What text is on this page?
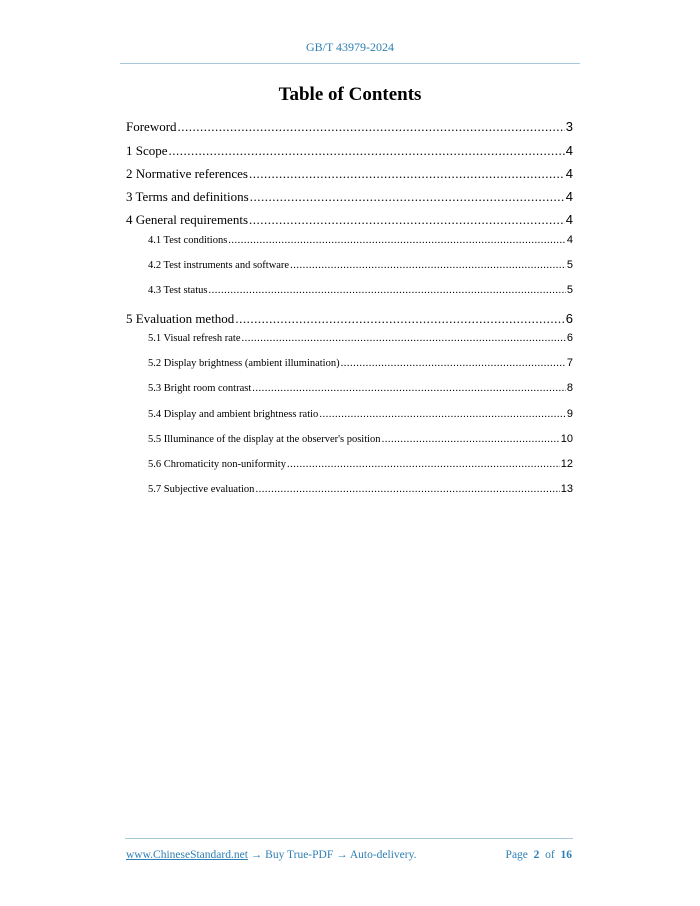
GB/T 43979-2024
Table of Contents
Foreword .....	3
1 Scope .....	4
2 Normative references .....	4
3 Terms and definitions .....	4
4 General requirements .....	4
4.1 Test conditions .....	4
4.2 Test instruments and software .....	5
4.3 Test status .....	5
5 Evaluation method .....	6
5.1 Visual refresh rate .....	6
5.2 Display brightness (ambient illumination) .....	7
5.3 Bright room contrast .....	8
5.4 Display and ambient brightness ratio .....	9
5.5 Illuminance of the display at the observer's position .....	10
5.6 Chromaticity non-uniformity .....	12
5.7 Subjective evaluation .....	13
www.ChineseStandard.net → Buy True-PDF → Auto-delivery.	Page 2 of 16
